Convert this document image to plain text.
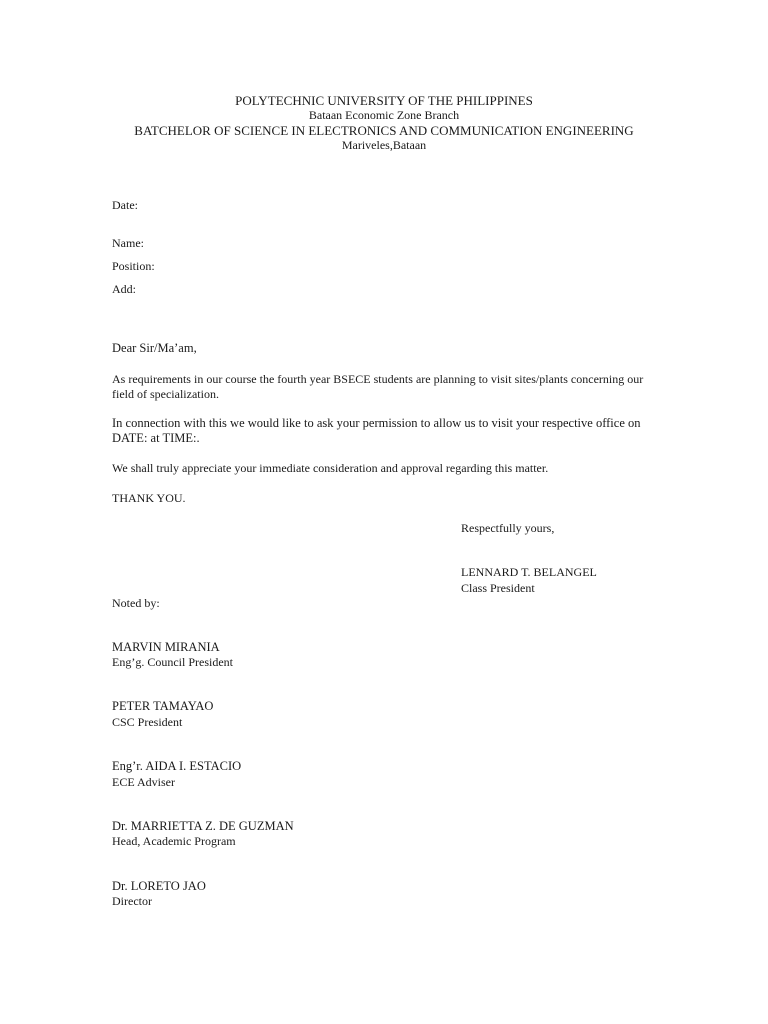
POLYTECHNIC UNIVERSITY OF THE PHILIPPINES
Bataan Economic Zone Branch
BATCHELOR OF SCIENCE IN ELECTRONICS AND COMMUNICATION ENGINEERING
Mariveles,Bataan
Date:
Name:
Position:
Add:
Dear Sir/Ma’am,
As requirements in our course the fourth year BSECE students are planning to visit sites/plants concerning our field of specialization.
In connection with this we would like to ask your permission to allow us to visit your respective office on DATE: at TIME:.
We shall truly appreciate your immediate consideration and approval regarding this matter.
THANK YOU.
Respectfully yours,
LENNARD T. BELANGEL
Class President
Noted by:
MARVIN MIRANIA
Eng’g. Council President
PETER TAMAYAO
CSC President
Eng’r. AIDA I. ESTACIO
ECE Adviser
Dr. MARRIETTA Z. DE GUZMAN
Head, Academic Program
Dr. LORETO JAO
Director
